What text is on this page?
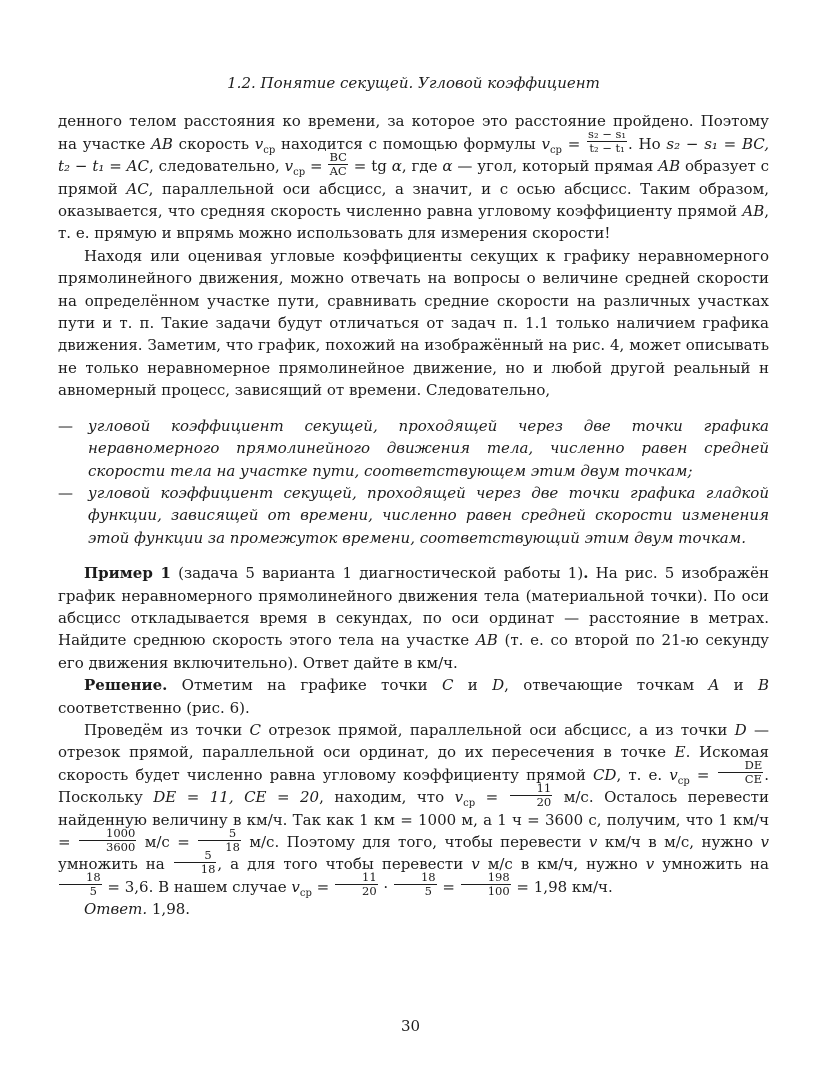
1.2. Понятие секущей. Угловой коэффициент

денного телом расстояния ко времени, за которое это расстояние пройдено. Поэтому на участке AB скорость $v_{ср}$ находится с помощью формулы $v_{ср} = \frac{\text{s₂ − s₁}}{\text{t₂ − t₁}}$ . Но s₂ − s₁ = BC, t₂ − t₁ = AC, следовательно, $v_{ср} = \frac{BC}{AC}$ = tg α, где α — угол, который прямая AB образует с прямой AC, параллельной оси абсцисс, а значит, и с осью абсцисс. Таким образом, оказывается, что средняя скорость численно равна угловому коэффициенту прямой AB, т. е. прямую и впрямь можно использовать для измерения скорости!

Находя или оценивая угловые коэффициенты секущих к графику неравномерного прямолинейного движения, можно отвечать на вопросы о величине средней скорости на определённом участке пути, сравнивать средние скорости на различных участках пути и т. п. Такие задачи будут отличаться от задач п. 1.1 только наличием графика движения. Заметим, что график, похожий на изображённый на рис. 4, может описывать не только неравномерное прямолинейное движение, но и любой другой реальный н авномерный процесс, зависящий от времени. Следовательно,

— угловой коэффициент секущей, проходящей через две точки графика неравномерного прямолинейного движения тела, численно равен средней скорости тела на участке пути, соответствующем этим двум точкам;
— угловой коэффициент секущей, проходящей через две точки графика гладкой функции, зависящей от времени, численно равен средней скорости изменения этой функции за промежуток времени, соответствующий этим двум точкам.

Пример 1 (задача 5 варианта 1 диагностической работы 1). На рис. 5 изображён график неравномерного прямолинейного движения тела (материальной точки). По оси абсцисс откладывается время в секундах, по оси ординат — расстояние в метрах. Найдите среднюю скорость этого тела на участке AB (т. е. со второй по 21-ю секунду его движения включительно). Ответ дайте в км/ч.

Решение. Отметим на графике точки C и D, отвечающие точкам A и B соответственно (рис. 6).

Проведём из точки C отрезок прямой, параллельной оси абсцисс, а из точки D — отрезок прямой, параллельной оси ординат, до их пересечения в точке E. Искомая скорость будет численно равна угловому коэффициенту прямой CD, т. е. $v_{ср} = \frac{DE}{CE}$ . Поскольку DE = 11, CE = 20, находим, что $v_{ср} = \frac{11}{20} м/с$. Осталось перевести найденную величину в км/ч. Так как 1 км = 1000 м, а 1 ч = 3600 с, получим, что 1 $км/ч = \frac{1000}{3600} м/с = \frac{5}{18} м/с$. Поэтому для того, чтобы перевести v км/ч в м/с, нужно v умножить на $\frac{5}{18}$ , а для того чтобы перевести v м/с в км/ч, нужно v умножить на
$\frac{18}{5} = 3,6$. В нашем случае $v_{ср} = \frac{11}{20} \cdot \frac{18}{5} = \frac{198}{100} = 1,98$ км/ч.

Ответ. 1,98.

30
